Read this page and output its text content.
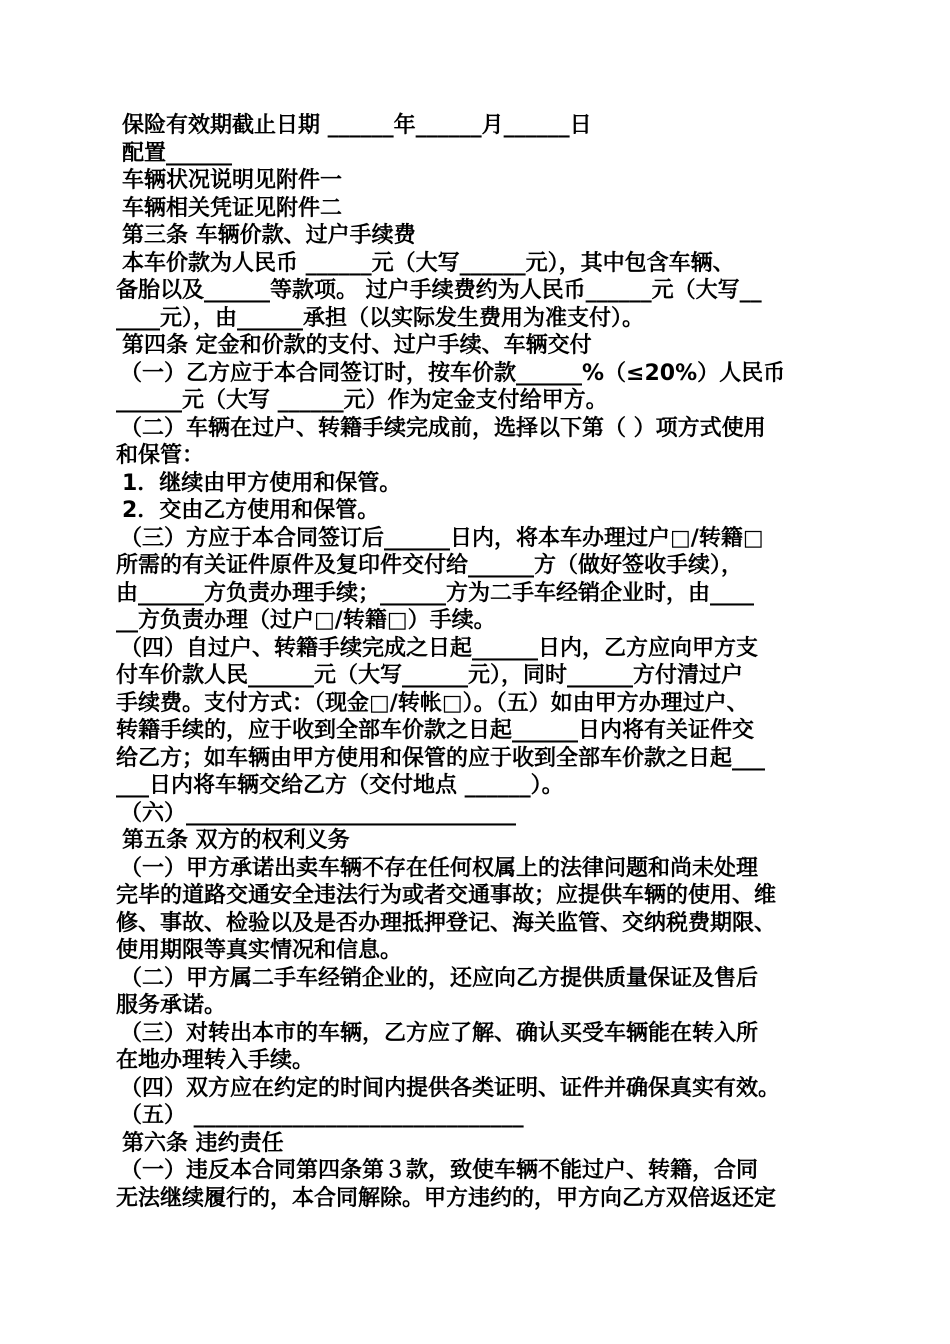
保险有效期截止日期 ______年______月______日
配置______
车辆状况说明见附件一
车辆相关凭证见附件二
第三条 车辆价款、过户手续费
本车价款为人民币 ______元（大写______元），其中包含车辆、
备胎以及______等款项。 过户手续费约为人民币______元（大写__
____元），由______承担（以实际发生费用为准支付）。
第四条 定金和价款的支付、过户手续、车辆交付
（一）乙方应于本合同签订时，按车价款______%（≤20%）人民币
______元（大写 ______元）作为定金支付给甲方。
（二）车辆在过户、转籍手续完成前，选择以下第（ ）项方式使用
和保管：
1．继续由甲方使用和保管。
2．交由乙方使用和保管。
（三）方应于本合同签订后______日内，将本车办理过户□/转籍□
所需的有关证件原件及复印件交付给______方（做好签收手续），
由______方负责办理手续；______方为二手车经销企业时，由____
__方负责办理（过户□/转籍□）手续。
（四）自过户、转籍手续完成之日起______日内，乙方应向甲方支
付车价款人民______元（大写______元），同时______方付清过户
手续费。支付方式：（现金□/转帐□）。（五）如由甲方办理过户、
转籍手续的，应于收到全部车价款之日起______日内将有关证件交
给乙方；如车辆由甲方使用和保管的应于收到全部车价款之日起___
___日内将车辆交给乙方（交付地点 ______）。
（六）______________________________
第五条 双方的权利义务
（一）甲方承诺出卖车辆不存在任何权属上的法律问题和尚未处理
完毕的道路交通安全违法行为或者交通事故；应提供车辆的使用、维
修、事故、检验以及是否办理抵押登记、海关监管、交纳税费期限、
使用期限等真实情况和信息。
（二）甲方属二手车经销企业的，还应向乙方提供质量保证及售后
服务承诺。
（三）对转出本市的车辆，乙方应了解、确认买受车辆能在转入所
在地办理转入手续。
（四）双方应在约定的时间内提供各类证明、证件并确保真实有效。
（五） ______________________________
第六条 违约责任
（一）违反本合同第四条第３款，致使车辆不能过户、转籍，合同
无法继续履行的，本合同解除。甲方违约的，甲方向乙方双倍返还定
